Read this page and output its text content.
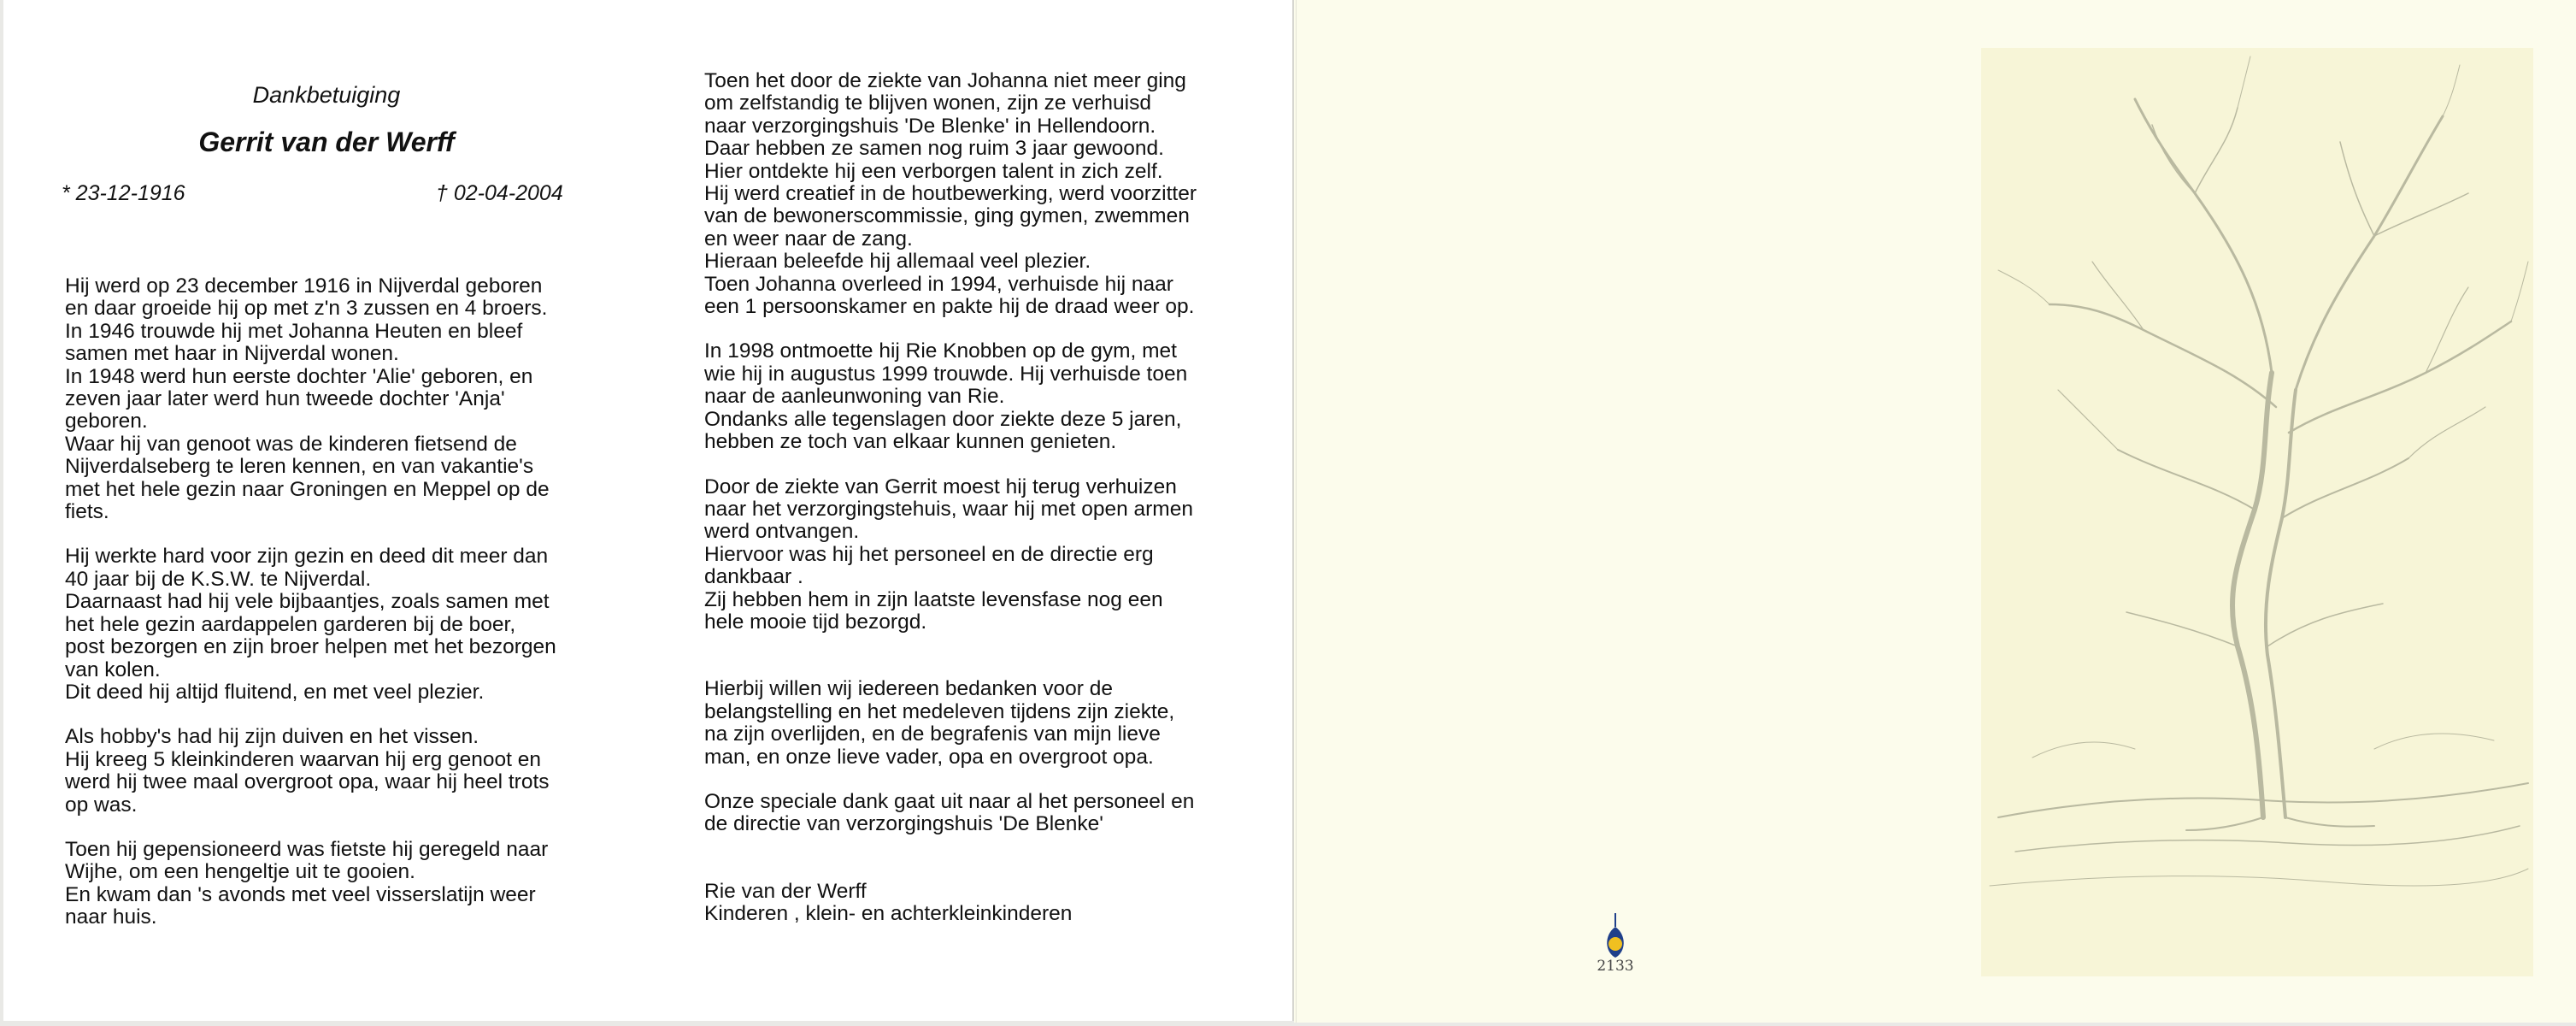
Dankbetuiging
Gerrit van der Werff
* 23-12-1916	† 02-04-2004

Hij werd op 23 december 1916 in Nijverdal geboren
en daar groeide hij op met z'n 3 zussen en 4 broers.
In 1946 trouwde hij met Johanna Heuten en bleef
samen met haar in Nijverdal wonen.
In 1948 werd hun eerste dochter 'Alie' geboren, en
zeven jaar later werd hun tweede dochter 'Anja'
geboren.
Waar hij van genoot was de kinderen fietsend de
Nijverdalseberg te leren kennen, en van vakantie's
met het hele gezin naar Groningen en Meppel op de
fiets.

Hij werkte hard voor zijn gezin en deed dit meer dan
40 jaar bij de K.S.W. te Nijverdal.
Daarnaast had hij vele bijbaantjes, zoals samen met
het hele gezin aardappelen garderen bij de boer,
post bezorgen en zijn broer helpen met het bezorgen
van kolen.
Dit deed hij altijd fluitend, en met veel plezier.

Als hobby's had hij zijn duiven en het vissen.
Hij kreeg 5 kleinkinderen waarvan hij erg genoot en
werd hij twee maal overgroot opa, waar hij heel trots
op was.

Toen hij gepensioneerd was fietste hij geregeld naar
Wijhe, om een hengeltje uit te gooien.
En kwam dan 's avonds met veel visserslatijn weer
naar huis.

Toen het door de ziekte van Johanna niet meer ging
om zelfstandig te blijven wonen, zijn ze verhuisd
naar verzorgingshuis 'De Blenke' in Hellendoorn.
Daar hebben ze samen nog ruim 3 jaar gewoond.
Hier ontdekte hij een verborgen talent in zich zelf.
Hij werd creatief in de houtbewerking, werd voorzitter
van de bewonerscommissie, ging gymen, zwemmen
en weer naar de zang.
Hieraan beleefde hij allemaal veel plezier.
Toen Johanna overleed in 1994, verhuisde hij naar
een 1 persoonskamer en pakte hij de draad weer op.

In 1998 ontmoette hij Rie Knobben op de gym, met
wie hij in augustus 1999 trouwde. Hij verhuisde toen
naar de aanleunwoning van Rie.
Ondanks alle tegenslagen door ziekte deze 5 jaren,
hebben ze toch van elkaar kunnen genieten.

Door de ziekte van Gerrit moest hij terug verhuizen
naar het verzorgingstehuis, waar hij met open armen
werd ontvangen.
Hiervoor was hij het personeel en de directie erg
dankbaar .
Zij hebben hem in zijn laatste levensfase nog een
hele mooie tijd bezorgd.

Hierbij willen wij iedereen bedanken voor de
belangstelling en het medeleven tijdens zijn ziekte,
na zijn overlijden, en de begrafenis van mijn lieve
man, en onze lieve vader, opa en overgroot opa.

Onze speciale dank gaat uit naar al het personeel en
de directie van verzorgingshuis 'De Blenke'

Rie van der Werff
Kinderen , klein- en achterkleinkinderen

2133
